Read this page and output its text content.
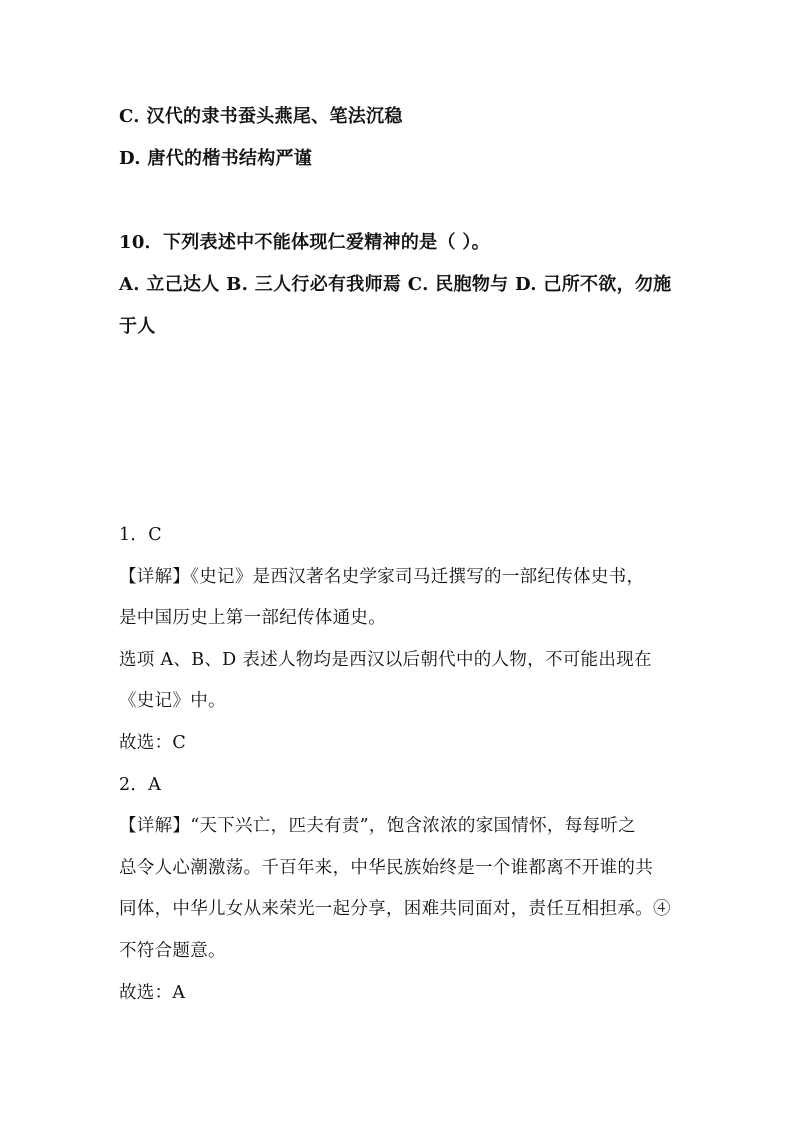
C. 汉代的隶书蚕头燕尾、笔法沉稳
D. 唐代的楷书结构严谨
10．下列表述中不能体现仁爱精神的是（ ）。
A. 立己达人 B. 三人行必有我师焉 C. 民胞物与 D. 己所不欲，勿施
于人
1．C
【详解】《史记》是西汉著名史学家司马迁撰写的一部纪传体史书，
是中国历史上第一部纪传体通史。
选项 A、B、D 表述人物均是西汉以后朝代中的人物，不可能出现在
《史记》中。
故选：C
2．A
【详解】“天下兴亡，匹夫有责”，饱含浓浓的家国情怀，每每听之
总令人心潮激荡。千百年来，中华民族始终是一个谁都离不开谁的共
同体，中华儿女从来荣光一起分享，困难共同面对，责任互相担承。④
不符合题意。
故选：A
